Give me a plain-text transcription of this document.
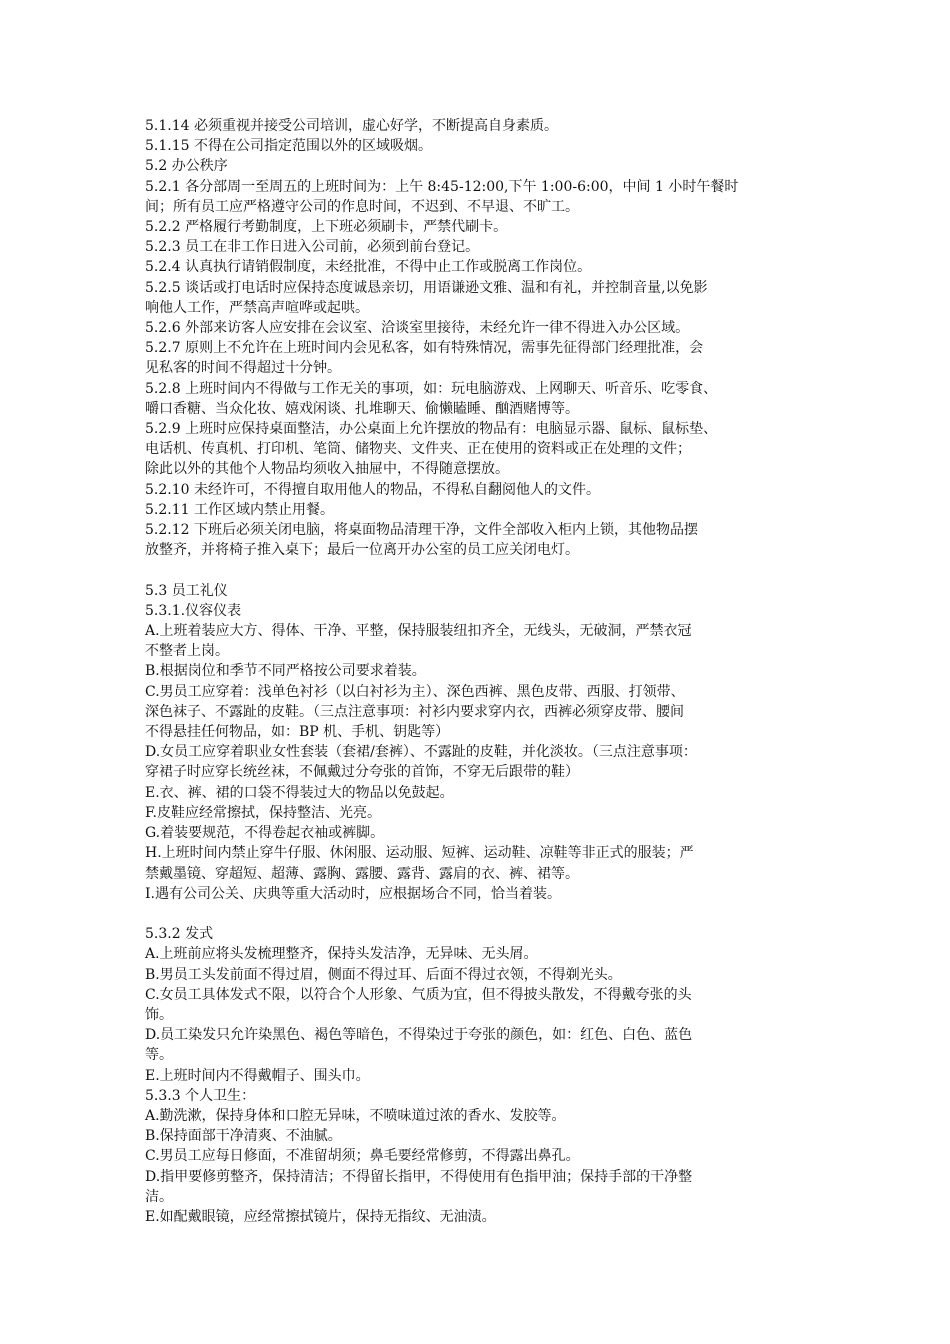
5.1.14 必须重视并接受公司培训，虚心好学，不断提高自身素质。

5.1.15 不得在公司指定范围以外的区域吸烟。

5.2 办公秩序

5.2.1 各分部周一至周五的上班时间为：上午 8:45-12:00,下午 1:00-6:00，中间 1 小时午餐时

间；所有员工应严格遵守公司的作息时间，不迟到、不早退、不旷工。

5.2.2 严格履行考勤制度，上下班必须刷卡，严禁代刷卡。

5.2.3 员工在非工作日进入公司前，必须到前台登记。

5.2.4 认真执行请销假制度，未经批准，不得中止工作或脱离工作岗位。

5.2.5 谈话或打电话时应保持态度诚恳亲切，用语谦逊文雅、温和有礼，并控制音量,以免影

响他人工作，严禁高声喧哗或起哄。

5.2.6 外部来访客人应安排在会议室、洽谈室里接待，未经允许一律不得进入办公区域。

5.2.7 原则上不允许在上班时间内会见私客，如有特殊情况，需事先征得部门经理批准，会

见私客的时间不得超过十分钟。

5.2.8 上班时间内不得做与工作无关的事项，如：玩电脑游戏、上网聊天、听音乐、吃零食、

嚼口香糖、当众化妆、嬉戏闲谈、扎堆聊天、偷懒瞌睡、酗酒赌博等。

5.2.9 上班时应保持桌面整洁，办公桌面上允许摆放的物品有：电脑显示器、鼠标、鼠标垫、

电话机、传真机、打印机、笔筒、储物夹、文件夹、正在使用的资料或正在处理的文件；

除此以外的其他个人物品均须收入抽屉中，不得随意摆放。

5.2.10 未经许可，不得擅自取用他人的物品，不得私自翻阅他人的文件。

5.2.11 工作区域内禁止用餐。

5.2.12 下班后必须关闭电脑，将桌面物品清理干净，文件全部收入柜内上锁，其他物品摆

放整齐，并将椅子推入桌下；最后一位离开办公室的员工应关闭电灯。

5.3 员工礼仪

5.3.1.仪容仪表

A.上班着装应大方、得体、干净、平整，保持服装纽扣齐全，无线头，无破洞，严禁衣冠

不整者上岗。

B.根据岗位和季节不同严格按公司要求着装。

C.男员工应穿着：浅单色衬衫（以白衬衫为主）、深色西裤、黑色皮带、西服、打领带、

深色袜子、不露趾的皮鞋。（三点注意事项：衬衫内要求穿内衣，西裤必须穿皮带、腰间

不得悬挂任何物品，如：BP 机、手机、钥匙等）

D.女员工应穿着职业女性套装（套裙/套裤）、不露趾的皮鞋，并化淡妆。（三点注意事项：

穿裙子时应穿长统丝袜，不佩戴过分夸张的首饰，不穿无后跟带的鞋）

E.衣、裤、裙的口袋不得装过大的物品以免鼓起。

F.皮鞋应经常擦拭，保持整洁、光亮。

G.着装要规范，不得卷起衣袖或裤脚。

H.上班时间内禁止穿牛仔服、休闲服、运动服、短裤、运动鞋、凉鞋等非正式的服装；严

禁戴墨镜、穿超短、超薄、露胸、露腰、露背、露肩的衣、裤、裙等。

I.遇有公司公关、庆典等重大活动时，应根据场合不同，恰当着装。

5.3.2 发式

A.上班前应将头发梳理整齐，保持头发洁净，无异味、无头屑。

B.男员工头发前面不得过眉，侧面不得过耳、后面不得过衣领，不得剃光头。

C.女员工具体发式不限，以符合个人形象、气质为宜，但不得披头散发，不得戴夸张的头

饰。

D.员工染发只允许染黑色、褐色等暗色，不得染过于夸张的颜色，如：红色、白色、蓝色

等。

E.上班时间内不得戴帽子、围头巾。

5.3.3 个人卫生：

A.勤洗漱，保持身体和口腔无异味，不喷味道过浓的香水、发胶等。

B.保持面部干净清爽、不油腻。

C.男员工应每日修面，不准留胡须；鼻毛要经常修剪，不得露出鼻孔。

D.指甲要修剪整齐，保持清洁；不得留长指甲，不得使用有色指甲油；保持手部的干净整

洁。

E.如配戴眼镜，应经常擦拭镜片，保持无指纹、无油渍。
